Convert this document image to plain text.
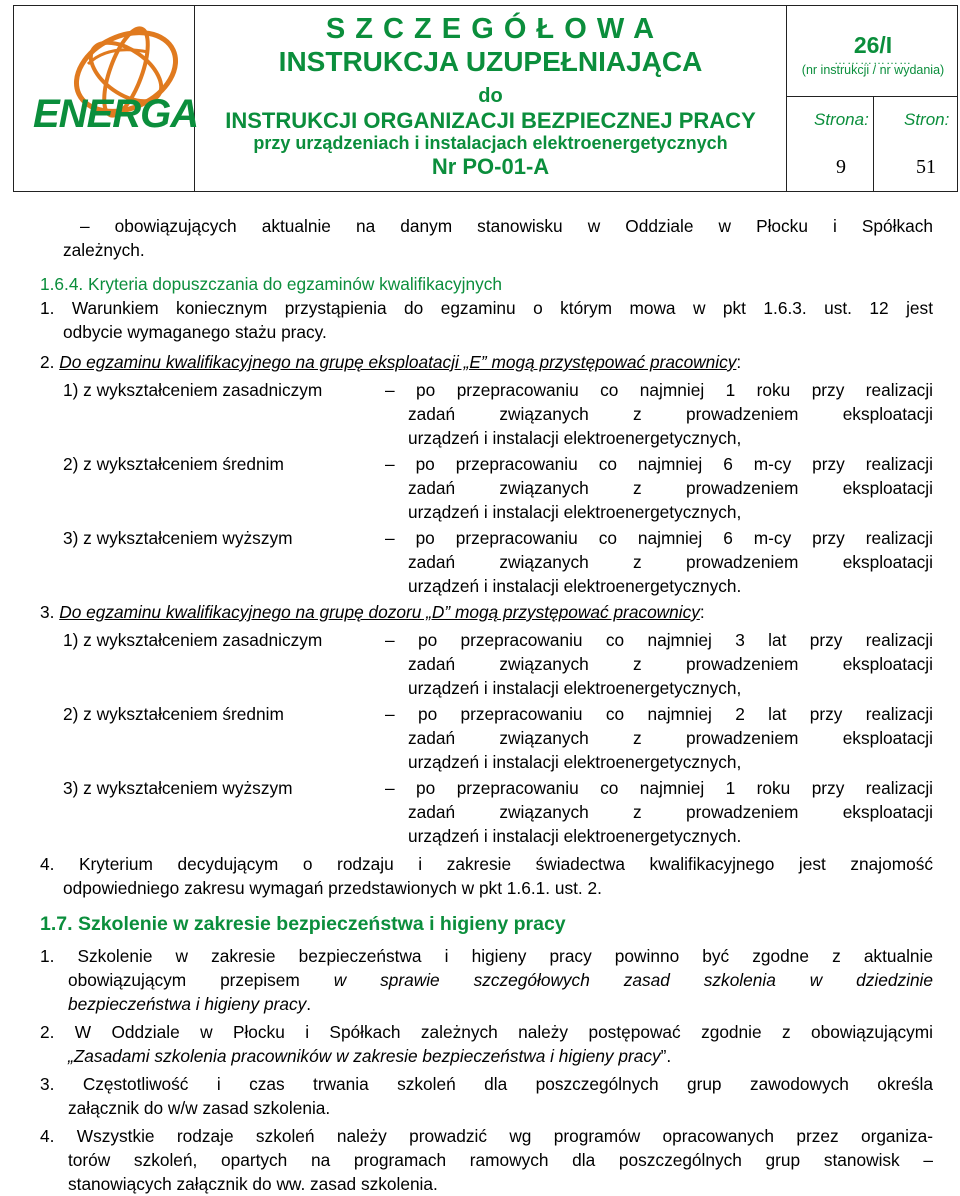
ENERGA
S Z C Z E G Ó Ł O W A
INSTRUKCJA UZUPEŁNIAJĄCA
do
INSTRUKCJI ORGANIZACJI BEZPIECZNEJ PRACY
przy urządzeniach i instalacjach elektroenergetycznych
Nr PO-01-A
26/I
………………
(nr instrukcji / nr wydania)
Strona: Stron:
9	51
– obowiązujących aktualnie na danym stanowisku w Oddziale w Płocku i Spółkach
zależnych.
1.6.4. Kryteria dopuszczania do egzaminów kwalifikacyjnych
1. Warunkiem koniecznym przystąpienia do egzaminu o którym mowa w pkt 1.6.3. ust. 12 jest
odbycie wymaganego stażu pracy.
2. Do egzaminu kwalifikacyjnego na grupę eksploatacji „E” mogą przystępować pracownicy:
1) z wykształceniem zasadniczym	– po przepracowaniu co najmniej 1 roku przy realizacji
zadań związanych z prowadzeniem eksploatacji
urządzeń i instalacji elektroenergetycznych,
2) z wykształceniem średnim	– po przepracowaniu co najmniej 6 m-cy przy realizacji
zadań związanych z prowadzeniem eksploatacji
urządzeń i instalacji elektroenergetycznych,
3) z wykształceniem wyższym	– po przepracowaniu co najmniej 6 m-cy przy realizacji
zadań związanych z prowadzeniem eksploatacji
urządzeń i instalacji elektroenergetycznych.
3. Do egzaminu kwalifikacyjnego na grupę dozoru „D” mogą przystępować pracownicy:
1) z wykształceniem zasadniczym	– po przepracowaniu co najmniej 3 lat przy realizacji
zadań związanych z prowadzeniem eksploatacji
urządzeń i instalacji elektroenergetycznych,
2) z wykształceniem średnim	– po przepracowaniu co najmniej 2 lat przy realizacji
zadań związanych z prowadzeniem eksploatacji
urządzeń i instalacji elektroenergetycznych,
3) z wykształceniem wyższym	– po przepracowaniu co najmniej 1 roku przy realizacji
zadań związanych z prowadzeniem eksploatacji
urządzeń i instalacji elektroenergetycznych.
4. Kryterium decydującym o rodzaju i zakresie świadectwa kwalifikacyjnego jest znajomość
odpowiedniego zakresu wymagań przedstawionych w pkt 1.6.1. ust. 2.
1.7. Szkolenie w zakresie bezpieczeństwa i higieny pracy
1. Szkolenie w zakresie bezpieczeństwa i higieny pracy powinno być zgodne z aktualnie
obowiązującym przepisem w sprawie szczegółowych zasad szkolenia w dziedzinie
bezpieczeństwa i higieny pracy.
2. W Oddziale w Płocku i Spółkach zależnych należy postępować zgodnie z obowiązującymi
„Zasadami szkolenia pracowników w zakresie bezpieczeństwa i higieny pracy”.
3. Częstotliwość i czas trwania szkoleń dla poszczególnych grup zawodowych określa
załącznik do w/w zasad szkolenia.
4. Wszystkie rodzaje szkoleń należy prowadzić wg programów opracowanych przez organiza-
torów szkoleń, opartych na programach ramowych dla poszczególnych grup stanowisk –
stanowiących załącznik do ww. zasad szkolenia.
